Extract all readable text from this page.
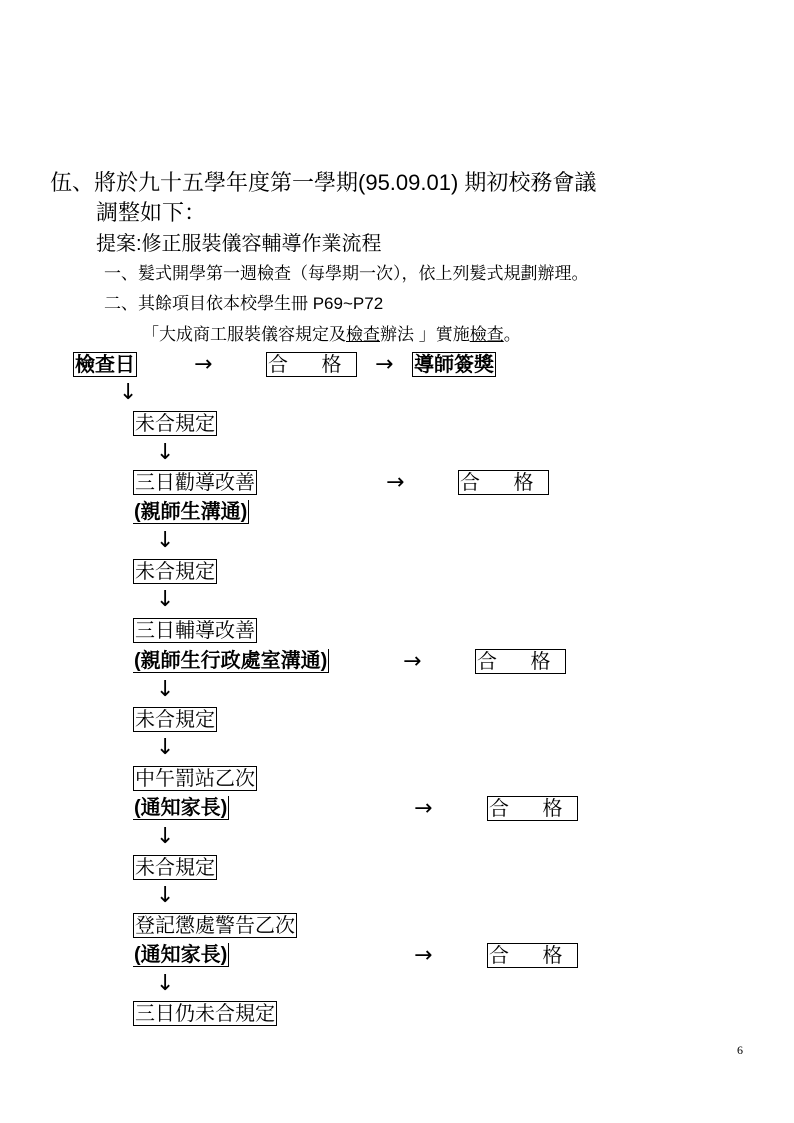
伍、將於九十五學年度第一學期(95.09.01) 期初校務會議
調整如下：
提案:修正服裝儀容輔導作業流程
一、髮式開學第一週檢查（每學期一次），依上列髮式規劃辦理。
二、其餘項目依本校學生冊 P69~P72
「大成商工服裝儀容規定及檢查辦法 」實施檢查。
檢查日	→	合 格 → 導師簽獎
↓
未合規定
↓
三日勸導改善
(親師生溝通)
→	合 格
↓
未合規定
↓
三日輔導改善
(親師生行政處室溝通)	→	合 格
↓
未合規定
↓
中午罰站乙次
(通知家長)	→	合 格
↓
未合規定
↓
登記懲處警告乙次
(通知家長)	→	合 格
↓
三日仍未合規定
6
